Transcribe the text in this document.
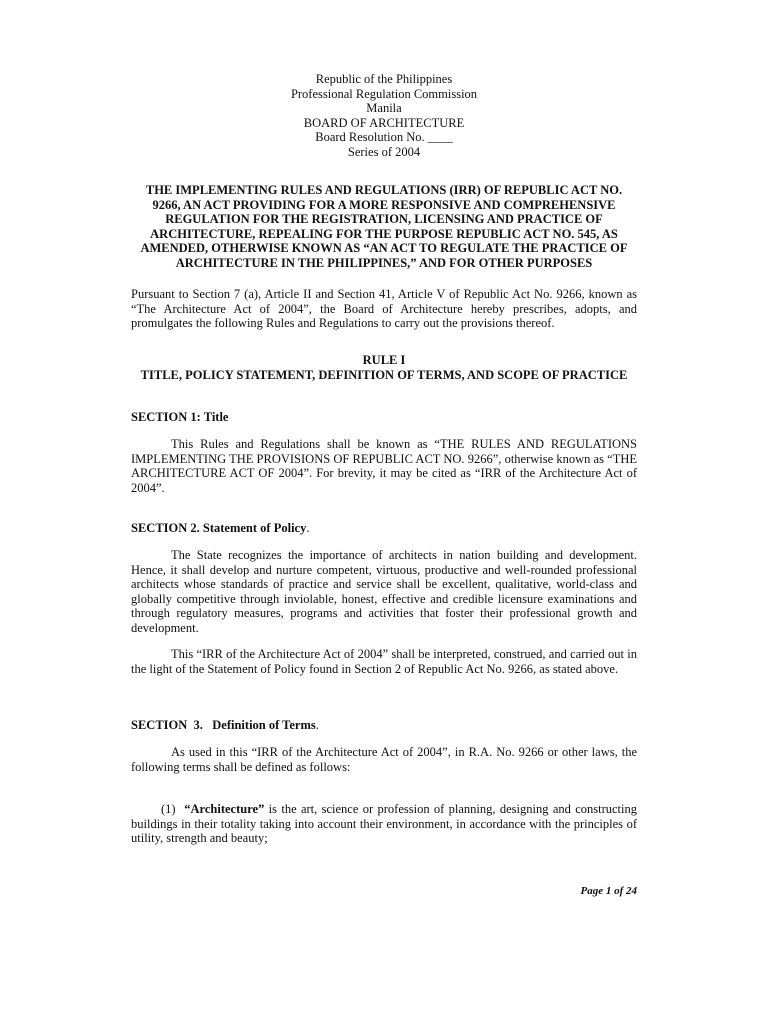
Republic of the Philippines
Professional Regulation Commission
Manila
BOARD OF ARCHITECTURE
Board Resolution No. ____
Series of 2004
THE IMPLEMENTING RULES AND REGULATIONS (IRR) OF REPUBLIC ACT NO. 9266, AN ACT PROVIDING FOR A MORE RESPONSIVE AND COMPREHENSIVE REGULATION FOR THE REGISTRATION, LICENSING AND PRACTICE OF ARCHITECTURE, REPEALING FOR THE PURPOSE REPUBLIC ACT NO. 545, AS AMENDED, OTHERWISE KNOWN AS “AN ACT TO REGULATE THE PRACTICE OF ARCHITECTURE IN THE PHILIPPINES,” AND FOR OTHER PURPOSES
Pursuant to Section 7 (a), Article II and Section 41, Article V of Republic Act No. 9266, known as “The Architecture Act of 2004”, the Board of Architecture hereby prescribes, adopts, and promulgates the following Rules and Regulations to carry out the provisions thereof.
RULE I
TITLE, POLICY STATEMENT, DEFINITION OF TERMS, AND SCOPE OF PRACTICE
SECTION 1: Title
This Rules and Regulations shall be known as “THE RULES AND REGULATIONS IMPLEMENTING THE PROVISIONS OF REPUBLIC ACT NO. 9266”, otherwise known as “THE ARCHITECTURE ACT OF 2004”. For brevity, it may be cited as “IRR of the Architecture Act of 2004”.
SECTION 2. Statement of Policy.
The State recognizes the importance of architects in nation building and development. Hence, it shall develop and nurture competent, virtuous, productive and well-rounded professional architects whose standards of practice and service shall be excellent, qualitative, world-class and globally competitive through inviolable, honest, effective and credible licensure examinations and through regulatory measures, programs and activities that foster their professional growth and development.
This “IRR of the Architecture Act of 2004” shall be interpreted, construed, and carried out in the light of the Statement of Policy found in Section 2 of Republic Act No. 9266, as stated above.
SECTION  3.   Definition of Terms.
As used in this “IRR of the Architecture Act of 2004”, in R.A. No. 9266 or other laws, the following terms shall be defined as follows:
(1)  “Architecture” is the art, science or profession of planning, designing and constructing buildings in their totality taking into account their environment, in accordance with the principles of utility, strength and beauty;
Page 1 of 24
